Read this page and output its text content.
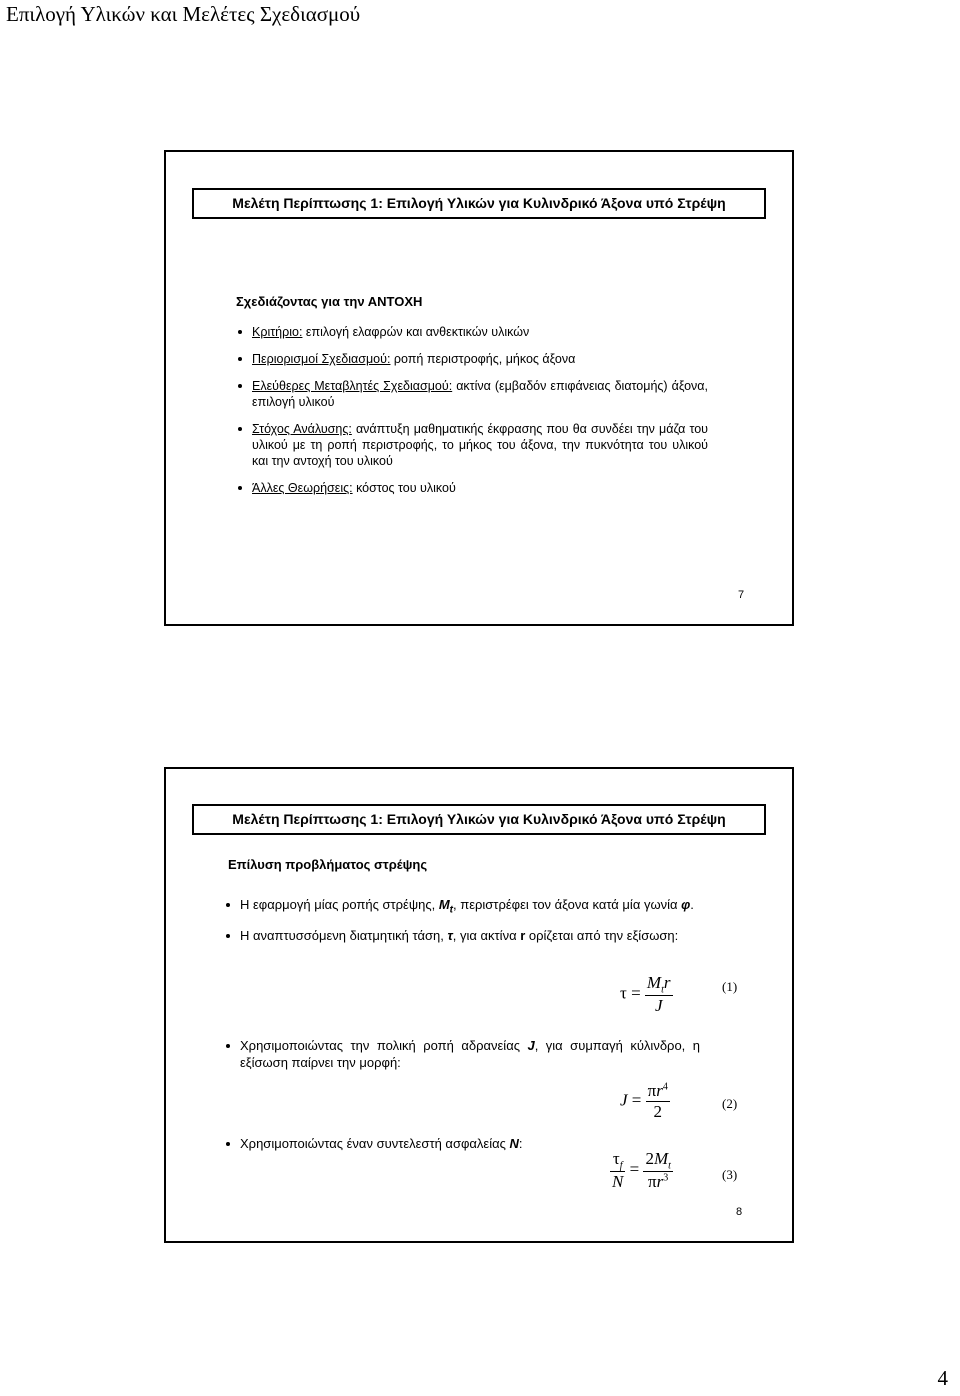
Επιλογή Υλικών και Μελέτες Σχεδιασμού
Μελέτη Περίπτωσης 1: Επιλογή Υλικών για Κυλινδρικό Άξονα υπό Στρέψη
Σχεδιάζοντας για την ΑΝΤΟΧΗ
Κριτήριο: επιλογή ελαφρών και ανθεκτικών υλικών
Περιορισμοί Σχεδιασμού: ροπή περιστροφής, μήκος άξονα
Ελεύθερες Μεταβλητές Σχεδιασμού: ακτίνα (εμβαδόν επιφάνειας διατομής) άξονα, επιλογή υλικού
Στόχος Ανάλυσης: ανάπτυξη μαθηματικής έκφρασης που θα συνδέει την μάζα του υλικού με τη ροπή περιστροφής, το μήκος του άξονα, την πυκνότητα του υλικού και την αντοχή του υλικού
Άλλες Θεωρήσεις: κόστος του υλικού
7
Μελέτη Περίπτωσης 1: Επιλογή Υλικών για Κυλινδρικό Άξονα υπό Στρέψη
Επίλυση προβλήματος στρέψης
Η εφαρμογή μίας ροπής στρέψης, $M_t$, περιστρέφει τον άξονα κατά μία γωνία φ.
Η αναπτυσσόμενη διατμητική τάση, τ, για ακτίνα r ορίζεται από την εξίσωση:
$\tau = \frac{M_tr}{J}$	(1)
Χρησιμοποιώντας την πολική ροπή αδρανείας J, για συμπαγή κύλινδρο, η εξίσωση παίρνει την μορφή:
$J = \frac{\pi r^4}{2}$	(2)
Χρησιμοποιώντας έναν συντελεστή ασφαλείας N:
$\frac{\tau_f}{N} = \frac{2M_t}{\pi r^3}$	(3)
8
4
